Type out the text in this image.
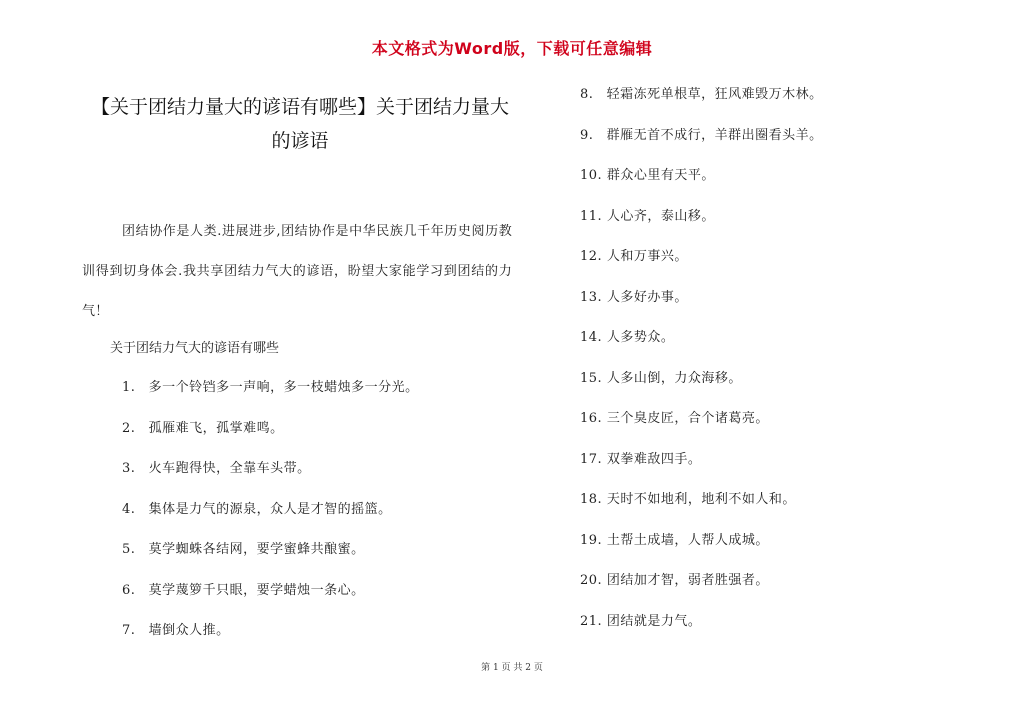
本文格式为Word版，下载可任意编辑
【关于团结力量大的谚语有哪些】关于团结力量大的谚语
团结协作是人类.进展进步,团结协作是中华民族几千年历史阅历教训得到切身体会.我共享团结力气大的谚语，盼望大家能学习到团结的力气！
关于团结力气大的谚语有哪些
1. 多一个铃铛多一声响，多一枝蜡烛多一分光。
2. 孤雁难飞，孤掌难鸣。
3. 火车跑得快，全靠车头带。
4. 集体是力气的源泉，众人是才智的摇篮。
5. 莫学蜘蛛各结网，要学蜜蜂共酿蜜。
6. 莫学蔑箩千只眼，要学蜡烛一条心。
7. 墙倒众人推。
8. 轻霜冻死单根草，狂风难毁万木林。
9. 群雁无首不成行，羊群出圈看头羊。
10. 群众心里有天平。
11. 人心齐，泰山移。
12. 人和万事兴。
13. 人多好办事。
14. 人多势众。
15. 人多山倒，力众海移。
16. 三个臭皮匠，合个诸葛亮。
17. 双拳难敌四手。
18. 天时不如地利，地利不如人和。
19. 土帮土成墙，人帮人成城。
20. 团结加才智，弱者胜强者。
21. 团结就是力气。
第 1 页 共 2 页
